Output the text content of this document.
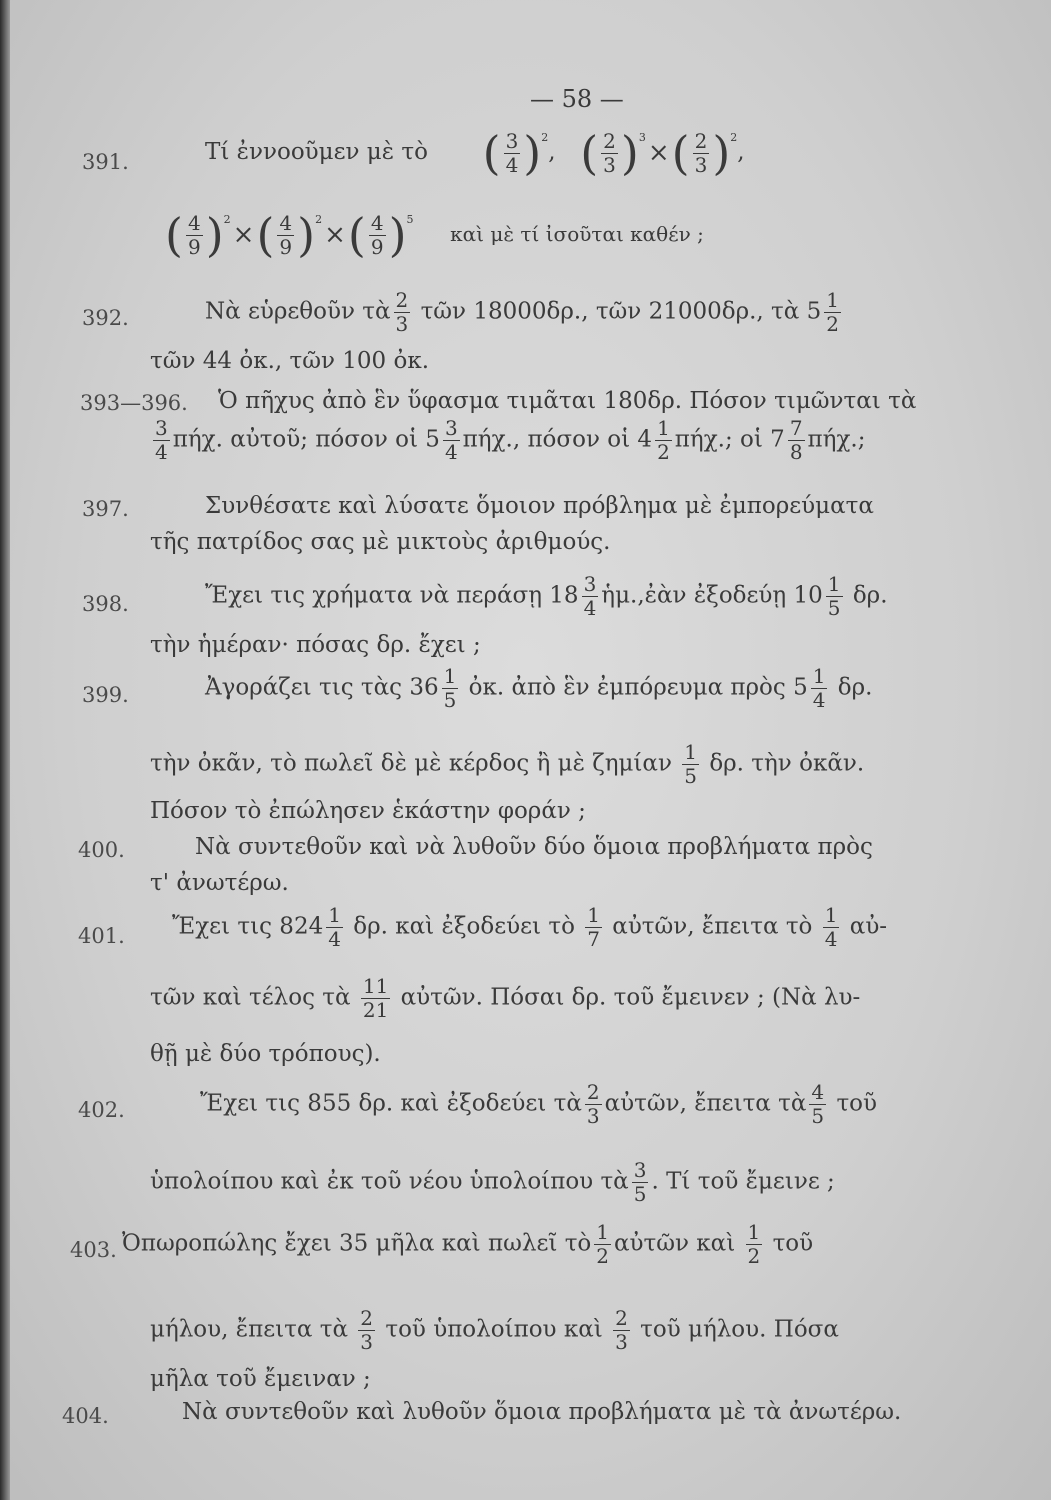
— 58 —
391.	Τί ἐννοοῦμεν μὲ τὸ ( $\frac{3}{4} )^2$, ( $\frac{2}{3} )^3\times( \frac{2}{3} )^2$,
( $\frac{4}{9} )^2\times( \frac{4}{9} )^2\times( \frac{4}{9} )^5$  καὶ μὲ τί ἰσοῦται καθέν ;
392.	Νὰ εὑρεθοῦν τὰ $\frac{2}{3}$ τῶν 18000δρ., τῶν 21000δρ., τὰ $5 \frac{1}{2}$
τῶν 44 ὀκ., τῶν 100 ὀκ.
393—396. Ὁ πῆχυς ἀπὸ ἓν ὕφασμα τιμᾶται 180δρ. Πόσον τιμῶνται τὰ
$\frac{3}{4} \pi ή\chi$. αὐτοῦ; πόσον οἱ $5 \frac{3}{4} \pi ή\chi$., πόσον οἱ $4 \frac{1}{2} \pi ή\chi$.; οἱ $7 \frac{7}{8} \pi ή\chi$.;
397.	Συνθέσατε καὶ λύσατε ὅμοιον πρόβλημα μὲ ἐμπορεύματα
τῆς πατρίδος σας μὲ μικτοὺς ἀριθμούς.
398.	Ἔχει τις χρήματα νὰ περάσῃ $18 \frac{3}{4}$ ἡμ.,ἐὰν ἐξοδεύῃ $10 \frac{1}{5} \delta\rho$.
τὴν ἡμέραν· πόσας δρ. ἔχει ;
399.	Ἀγοράζει τις τὰς $36 \frac{1}{5}$ ὀκ. ἀπὸ ἓν ἐμπόρευμα πρὸς $5 \frac{1}{4} \delta\rho$.
τὴν ὀκᾶν, τὸ πωλεῖ δὲ μὲ κέρδος ἢ μὲ ζημίαν $\frac{1}{5} \delta\rho$. τὴν ὀκᾶν.
Πόσον τὸ ἐπώλησεν ἑκάστην φοράν ;
400.	Νὰ συντεθοῦν καὶ νὰ λυθοῦν δύο ὅμοια προβλήματα πρὸς
τ' ἀνωτέρω.
401. Ἔχει τις $824 \frac{1}{4} \delta\rho$. καὶ ἐξοδεύει τὸ $\frac{1}{7}$ αὐτῶν, ἔπειτα τὸ $\frac{1}{4}$ αὐ-
τῶν καὶ τέλος τὰ $\frac{11}{21}$ αὐτῶν. Πόσαι δρ. τοῦ ἔμεινεν ; (Νὰ λυ-
θῇ μὲ δύο τρόπους).
402.	Ἔχει τις 855 δρ. καὶ ἐξοδεύει τὰ $\frac{2}{3}$ αὐτῶν, ἔπειτα τὰ $\frac{4}{5}$ τοῦ
ὑπολοίπου καὶ ἐκ τοῦ νέου ὑπολοίπου τὰ $\frac{3}{5}$ . Τί τοῦ ἔμεινε ;
403. Ὀπωροπώλης ἔχει 35 μῆλα καὶ πωλεῖ τὸ $\frac{1}{2}$ αὐτῶν καὶ $\frac{1}{2}$ τοῦ
μήλου, ἔπειτα τὰ $\frac{2}{3}$ τοῦ ὑπολοίπου καὶ $\frac{2}{3}$ τοῦ μήλου. Πόσα
μῆλα τοῦ ἔμειναν ;
404.	Νὰ συντεθοῦν καὶ λυθοῦν ὅμοια προβλήματα μὲ τὰ ἀνωτέρω.
